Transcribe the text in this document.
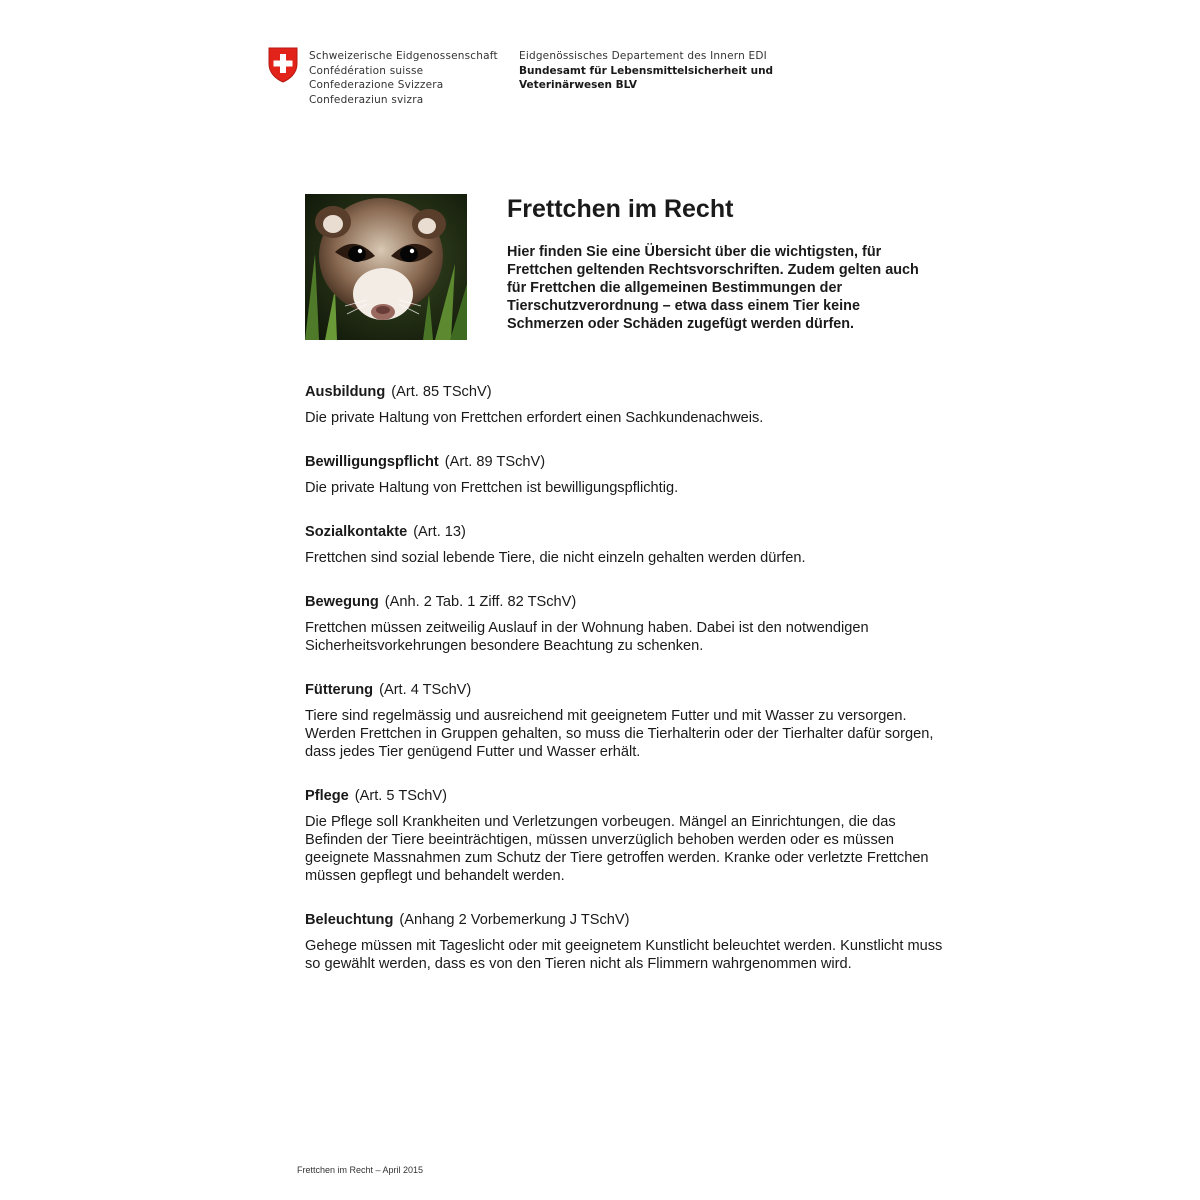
Schweizerische Eidgenossenschaft
Confédération suisse
Confederazione Svizzera
Confederaziun svizra
Eidgenössisches Departement des Innern EDI
Bundesamt für Lebensmittelsicherheit und
Veterinärwesen BLV
Frettchen im Recht
Hier finden Sie eine Übersicht über die wichtigsten, für Frettchen geltenden Rechtsvorschriften. Zudem gelten auch für Frettchen die allgemeinen Bestimmungen der Tierschutzverordnung – etwa dass einem Tier keine Schmerzen oder Schäden zugefügt werden dürfen.
Ausbildung (Art. 85 TSchV)
Die private Haltung von Frettchen erfordert einen Sachkundenachweis.
Bewilligungspflicht (Art. 89 TSchV)
Die private Haltung von Frettchen ist bewilligungspflichtig.
Sozialkontakte (Art. 13)
Frettchen sind sozial lebende Tiere, die nicht einzeln gehalten werden dürfen.
Bewegung (Anh. 2 Tab. 1 Ziff. 82 TSchV)
Frettchen müssen zeitweilig Auslauf in der Wohnung haben. Dabei ist den notwendigen Sicherheitsvorkehrungen besondere Beachtung zu schenken.
Fütterung (Art. 4 TSchV)
Tiere sind regelmässig und ausreichend mit geeignetem Futter und mit Wasser zu versorgen. Werden Frettchen in Gruppen gehalten, so muss die Tierhalterin oder der Tierhalter dafür sorgen, dass jedes Tier genügend Futter und Wasser erhält.
Pflege (Art. 5 TSchV)
Die Pflege soll Krankheiten und Verletzungen vorbeugen. Mängel an Einrichtungen, die das Befinden der Tiere beeinträchtigen, müssen unverzüglich behoben werden oder es müssen geeignete Massnahmen zum Schutz der Tiere getroffen werden. Kranke oder verletzte Frettchen müssen gepflegt und behandelt werden.
Beleuchtung (Anhang 2 Vorbemerkung J TSchV)
Gehege müssen mit Tageslicht oder mit geeignetem Kunstlicht beleuchtet werden. Kunstlicht muss so gewählt werden, dass es von den Tieren nicht als Flimmern wahrgenommen wird.
Frettchen im Recht – April 2015
